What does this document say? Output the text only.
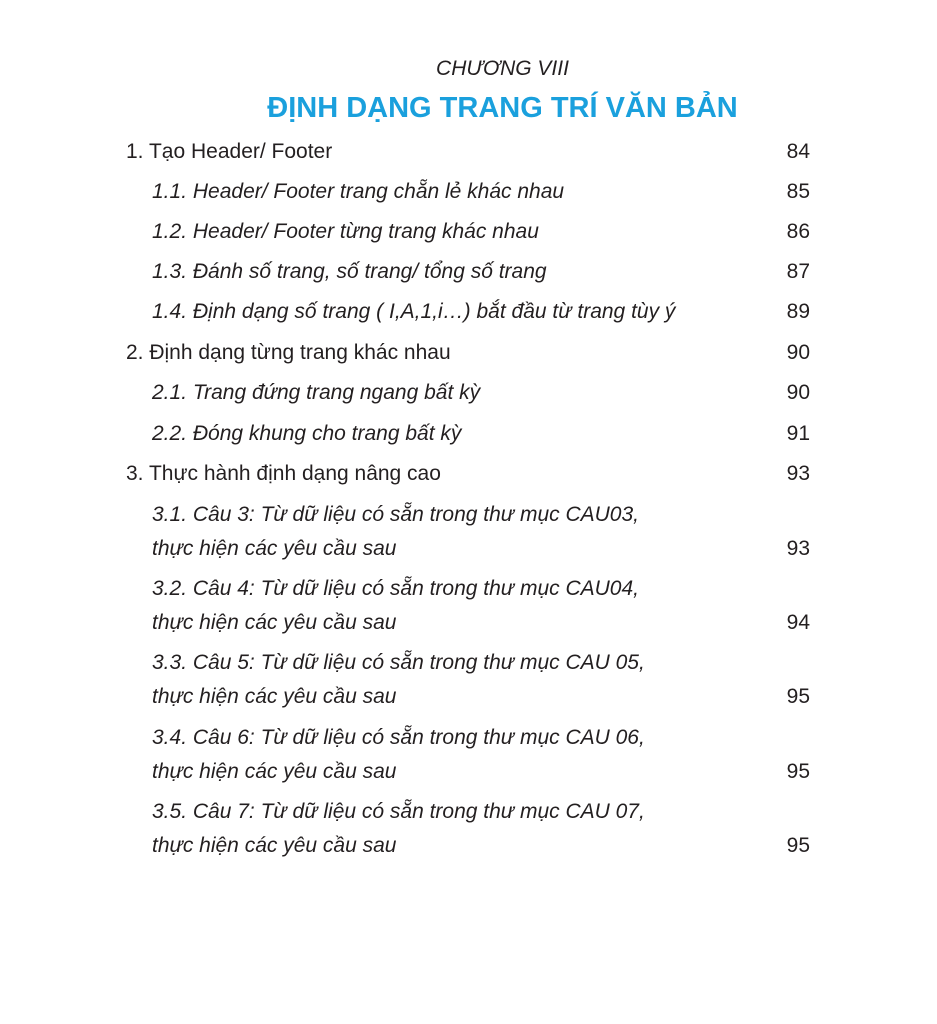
CHƯƠNG VIII
ĐỊNH DẠNG TRANG TRÍ VĂN BẢN
1. Tạo Header/ Footer	84
1.1. Header/ Footer trang chẵn lẻ khác nhau	85
1.2. Header/ Footer từng trang khác nhau	86
1.3. Đánh số trang, số trang/ tổng số trang	87
1.4. Định dạng số trang ( I,A,1,i…) bắt đầu từ trang tùy ý	89
2. Định dạng từng trang khác nhau	90
2.1. Trang đứng trang ngang bất kỳ	90
2.2. Đóng khung cho trang bất kỳ	91
3. Thực hành định dạng nâng cao	93
3.1. Câu 3: Từ dữ liệu có sẵn trong thư mục CAU03,
thực hiện các yêu cầu sau	93
3.2. Câu 4: Từ dữ liệu có sẵn trong thư mục CAU04,
thực hiện các yêu cầu sau	94
3.3. Câu 5: Từ dữ liệu có sẵn trong thư mục CAU 05,
thực hiện các yêu cầu sau	95
3.4. Câu 6: Từ dữ liệu có sẵn trong thư mục CAU 06,
thực hiện các yêu cầu sau	95
3.5. Câu 7: Từ dữ liệu có sẵn trong thư mục CAU 07,
thực hiện các yêu cầu sau	95
